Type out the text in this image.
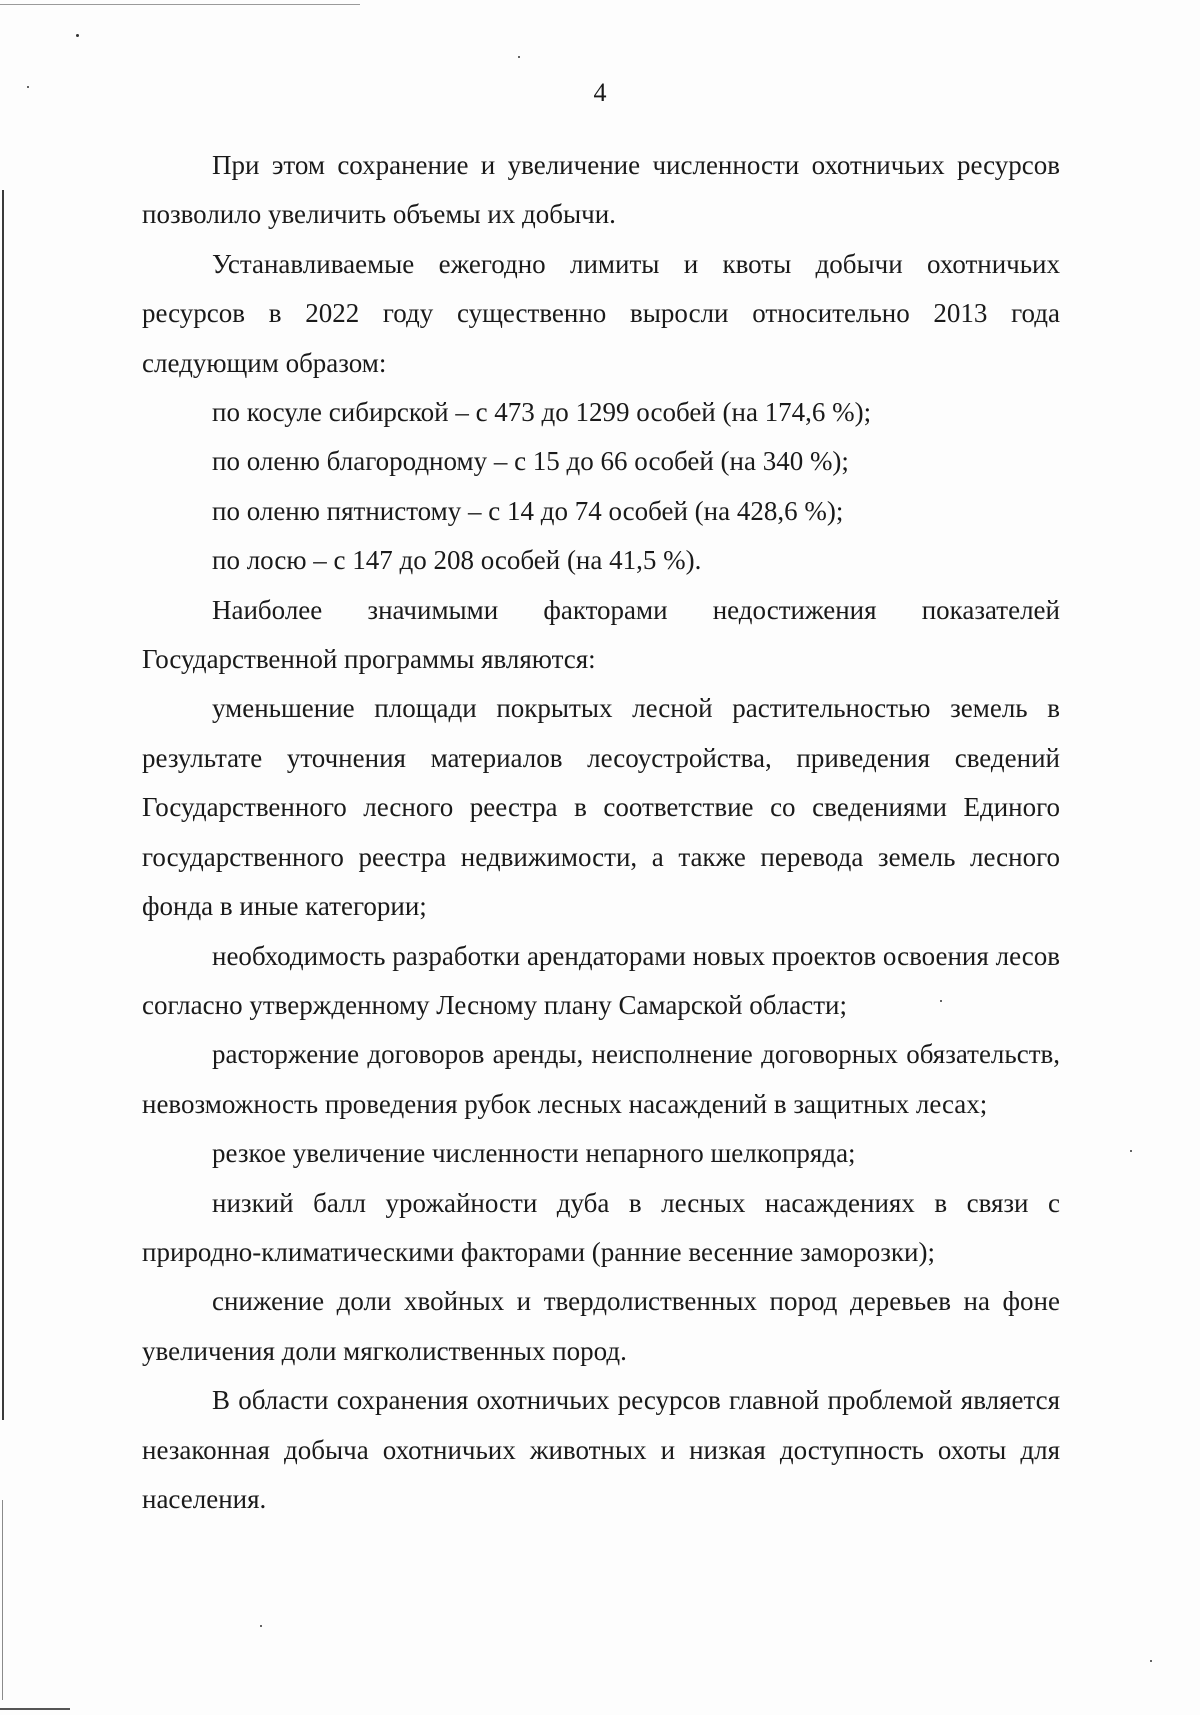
4

При этом сохранение и увеличение численности охотничьих ресурсов позволило увеличить объемы их добычи.

Устанавливаемые ежегодно лимиты и квоты добычи охотничьих ресурсов в 2022 году существенно выросли относительно 2013 года следующим образом:

по косуле сибирской – с 473 до 1299 особей (на 174,6 %);

по оленю благородному – с 15 до 66 особей (на 340 %);

по оленю пятнистому – с 14 до 74 особей (на 428,6 %);

по лосю – с 147 до 208 особей (на 41,5 %).

Наиболее значимыми факторами недостижения показателей Государственной программы являются:

уменьшение площади покрытых лесной растительностью земель в результате уточнения материалов лесоустройства, приведения сведений Государственного лесного реестра в соответствие со сведениями Единого государственного реестра недвижимости, а также перевода земель лесного фонда в иные категории;

необходимость разработки арендаторами новых проектов освоения лесов согласно утвержденному Лесному плану Самарской области;

расторжение договоров аренды, неисполнение договорных обязательств, невозможность проведения рубок лесных насаждений в защитных лесах;

резкое увеличение численности непарного шелкопряда;

низкий балл урожайности дуба в лесных насаждениях в связи с природно-климатическими факторами (ранние весенние заморозки);

снижение доли хвойных и твердолиственных пород деревьев на фоне увеличения доли мягколиственных пород.

В области сохранения охотничьих ресурсов главной проблемой является незаконная добыча охотничьих животных и низкая доступность охоты для населения.
